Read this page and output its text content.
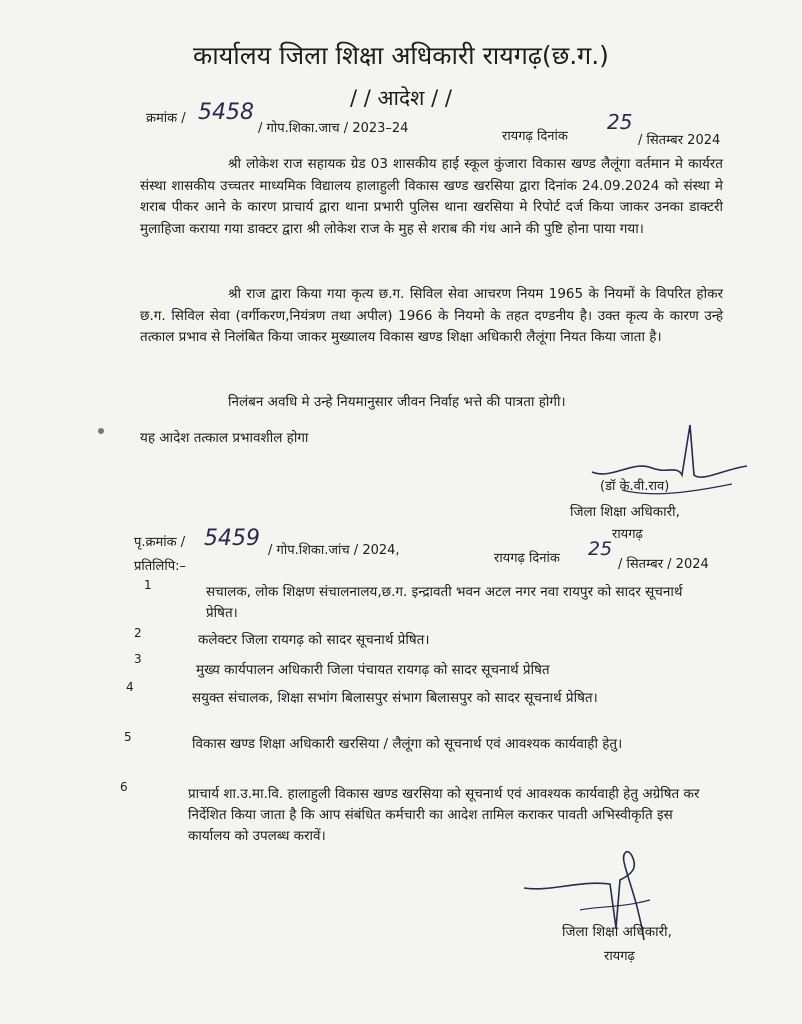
कार्यालय जिला शिक्षा अधिकारी रायगढ़(छ.ग.)
/ / आदेश / /
क्रमांक / 5458
/ गोप.शिका.जाच / 2023–24
रायगढ़ दिनांक
25
/ सितम्बर 2024
श्री लोकेश राज सहायक ग्रेड 03 शासकीय हाई स्कूल कुंजारा विकास खण्ड लैलूंगा वर्तमान मे कार्यरत संस्था शासकीय उच्चतर माध्यमिक विद्यालय हालाहुली विकास खण्ड खरसिया द्वारा दिनांक 24.09.2024 को संस्था मे शराब पीकर आने के कारण प्राचार्य द्वारा थाना प्रभारी पुलिस थाना खरसिया मे रिपोर्ट दर्ज किया जाकर उनका डाक्टरी मुलाहिजा कराया गया डाक्टर द्वारा श्री लोकेश राज के मुह से शराब की गंध आने की पुष्टि होना पाया गया।
श्री राज द्वारा किया गया कृत्य छ.ग. सिविल सेवा आचरण नियम 1965 के नियमों के विपरित होकर छ.ग. सिविल सेवा (वर्गीकरण,नियंत्रण तथा अपील) 1966 के नियमो के तहत दण्डनीय है। उक्त कृत्य के कारण उन्हे तत्काल प्रभाव से निलंबित किया जाकर मुख्यालय विकास खण्ड शिक्षा अधिकारी लैलूंगा नियत किया जाता है।
निलंबन अवधि मे उन्हे नियमानुसार जीवन निर्वाह भत्ते की पात्रता होगी।
यह आदेश तत्काल प्रभावशील होगा
(डॉ के.वी.राव)
जिला शिक्षा अधिकारी,
रायगढ़
पृ.क्रमांक / 5459 / गोप.शिका.जांच / 2024,
रायगढ़ दिनांक 25
/ सितम्बर / 2024
प्रतिलिपि:–
1	सचालक, लोक शिक्षण संचालनालय,छ.ग. इन्द्रावती भवन अटल नगर नवा रायपुर को सादर सूचनार्थ प्रेषित।
2	कलेक्टर जिला रायगढ़ को सादर सूचनार्थ प्रेषित।
3
मुख्य कार्यपालन अधिकारी जिला पंचायत रायगढ़ को सादर सूचनार्थ प्रेषित
4
सयुक्त संचालक, शिक्षा सभांग बिलासपुर संभाग बिलासपुर को सादर सूचनार्थ प्रेषित।
5	विकास खण्ड शिक्षा अधिकारी खरसिया / लैलूंगा को सूचनार्थ एवं आवश्यक कार्यवाही हेतु।
6	प्राचार्य शा.उ.मा.वि. हालाहुली विकास खण्ड खरसिया को सूचनार्थ एवं आवश्यक कार्यवाही हेतु अग्रेषित कर निर्देशित किया जाता है कि आप संबंधित कर्मचारी का आदेश तामिल कराकर पावती अभिस्वीकृति इस कार्यालय को उपलब्ध करावें।
जिला शिक्षा अधिकारी,
रायगढ़
